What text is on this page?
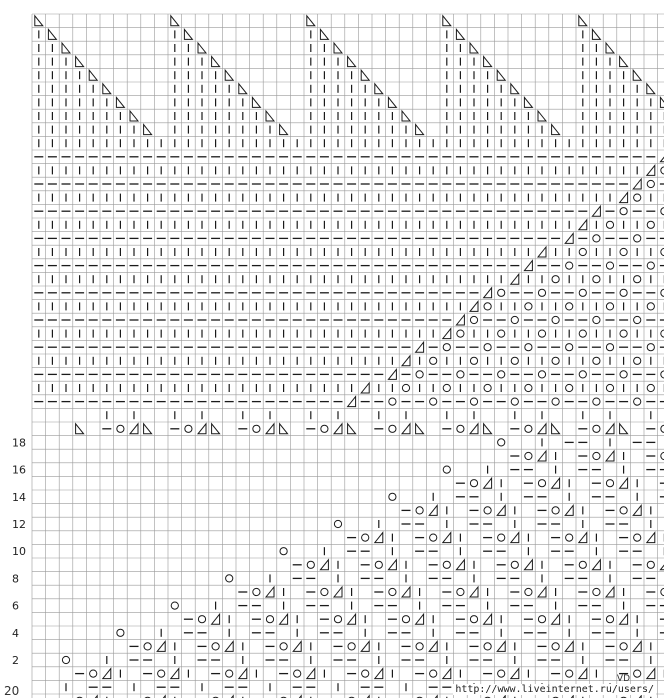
18
16
14
12
10
8
6
4
2
20
VD
http://www.liveinternet.ru/users/
